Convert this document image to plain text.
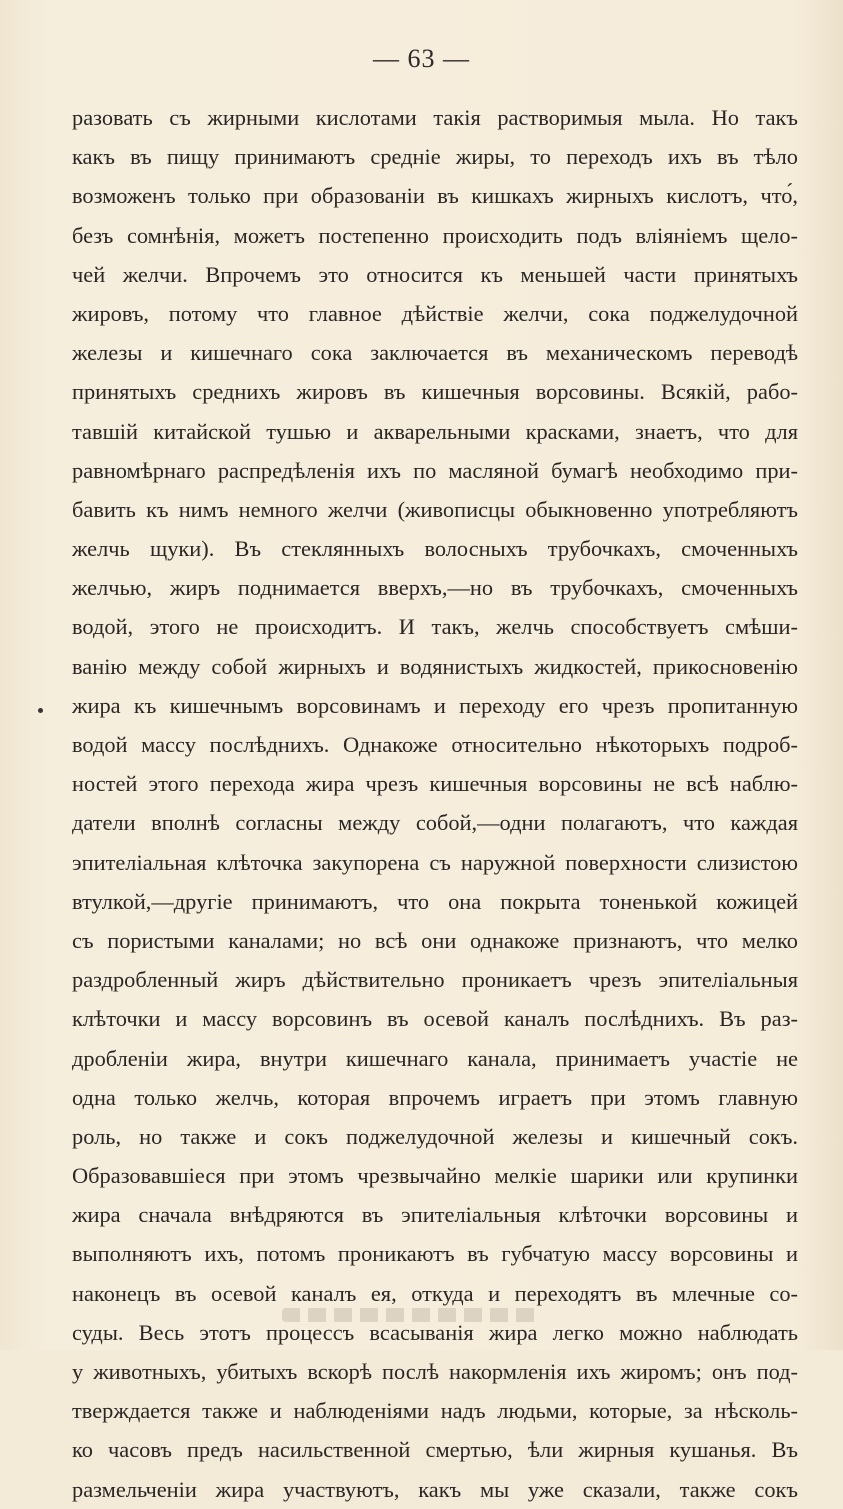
— 63 —
разовать съ жирными кислотами такія растворимыя мыла. Но такъ
какъ въ пищу принимаютъ средніе жиры, то переходъ ихъ въ тѣло
возможенъ только при образованіи въ кишкахъ жирныхъ кислотъ, что́,
безъ сомнѣнія, можетъ постепенно происходить подъ вліяніемъ щело-
чей желчи. Впрочемъ это относится къ меньшей части принятыхъ
жировъ, потому что главное дѣйствіе желчи, сока поджелудочной
железы и кишечнаго сока заключается въ механическомъ переводѣ
принятыхъ среднихъ жировъ въ кишечныя ворсовины. Всякій, рабо-
тавшій китайской тушью и акварельными красками, знаетъ, что для
равномѣрнаго распредѣленія ихъ по масляной бумагѣ необходимо при-
бавить къ нимъ немного желчи (живописцы обыкновенно употребляютъ
желчь щуки). Въ стеклянныхъ волосныхъ трубочкахъ, смоченныхъ
желчью, жиръ поднимается вверхъ,—но въ трубочкахъ, смоченныхъ
водой, этого не происходитъ. И такъ, желчь способствуетъ смѣши-
ванію между собой жирныхъ и водянистыхъ жидкостей, прикосновенію
жира къ кишечнымъ ворсовинамъ и переходу его чрезъ пропитанную
водой массу послѣднихъ. Однакоже относительно нѣкоторыхъ подроб-
ностей этого перехода жира чрезъ кишечныя ворсовины не всѣ наблю-
датели вполнѣ согласны между собой,—одни полагаютъ, что каждая
эпителіальная клѣточка закупорена съ наружной поверхности слизистою
втулкой,—другіе принимаютъ, что она покрыта тоненькой кожицей
съ пористыми каналами; но всѣ они однакоже признаютъ, что мелко
раздробленный жиръ дѣйствительно проникаетъ чрезъ эпителіальныя
клѣточки и массу ворсовинъ въ осевой каналъ послѣднихъ. Въ раз-
дробленіи жира, внутри кишечнаго канала, принимаетъ участіе не
одна только желчь, которая впрочемъ играетъ при этомъ главную
роль, но также и сокъ поджелудочной железы и кишечный сокъ.
Образовавшіеся при этомъ чрезвычайно мелкіе шарики или крупинки
жира сначала внѣдряются въ эпителіальныя клѣточки ворсовины и
выполняютъ ихъ, потомъ проникаютъ въ губчатую массу ворсовины и
наконецъ въ осевой каналъ ея, откуда и переходятъ въ млечные со-
суды. Весь этотъ процессъ всасыванія жира легко можно наблюдать
у животныхъ, убитыхъ вскорѣ послѣ накормленія ихъ жиромъ; онъ под-
тверждается также и наблюденіями надъ людьми, которые, за нѣсколь-
ко часовъ предъ насильственной смертью, ѣли жирныя кушанья. Въ
размельченіи жира участвуютъ, какъ мы уже сказали, также сокъ
